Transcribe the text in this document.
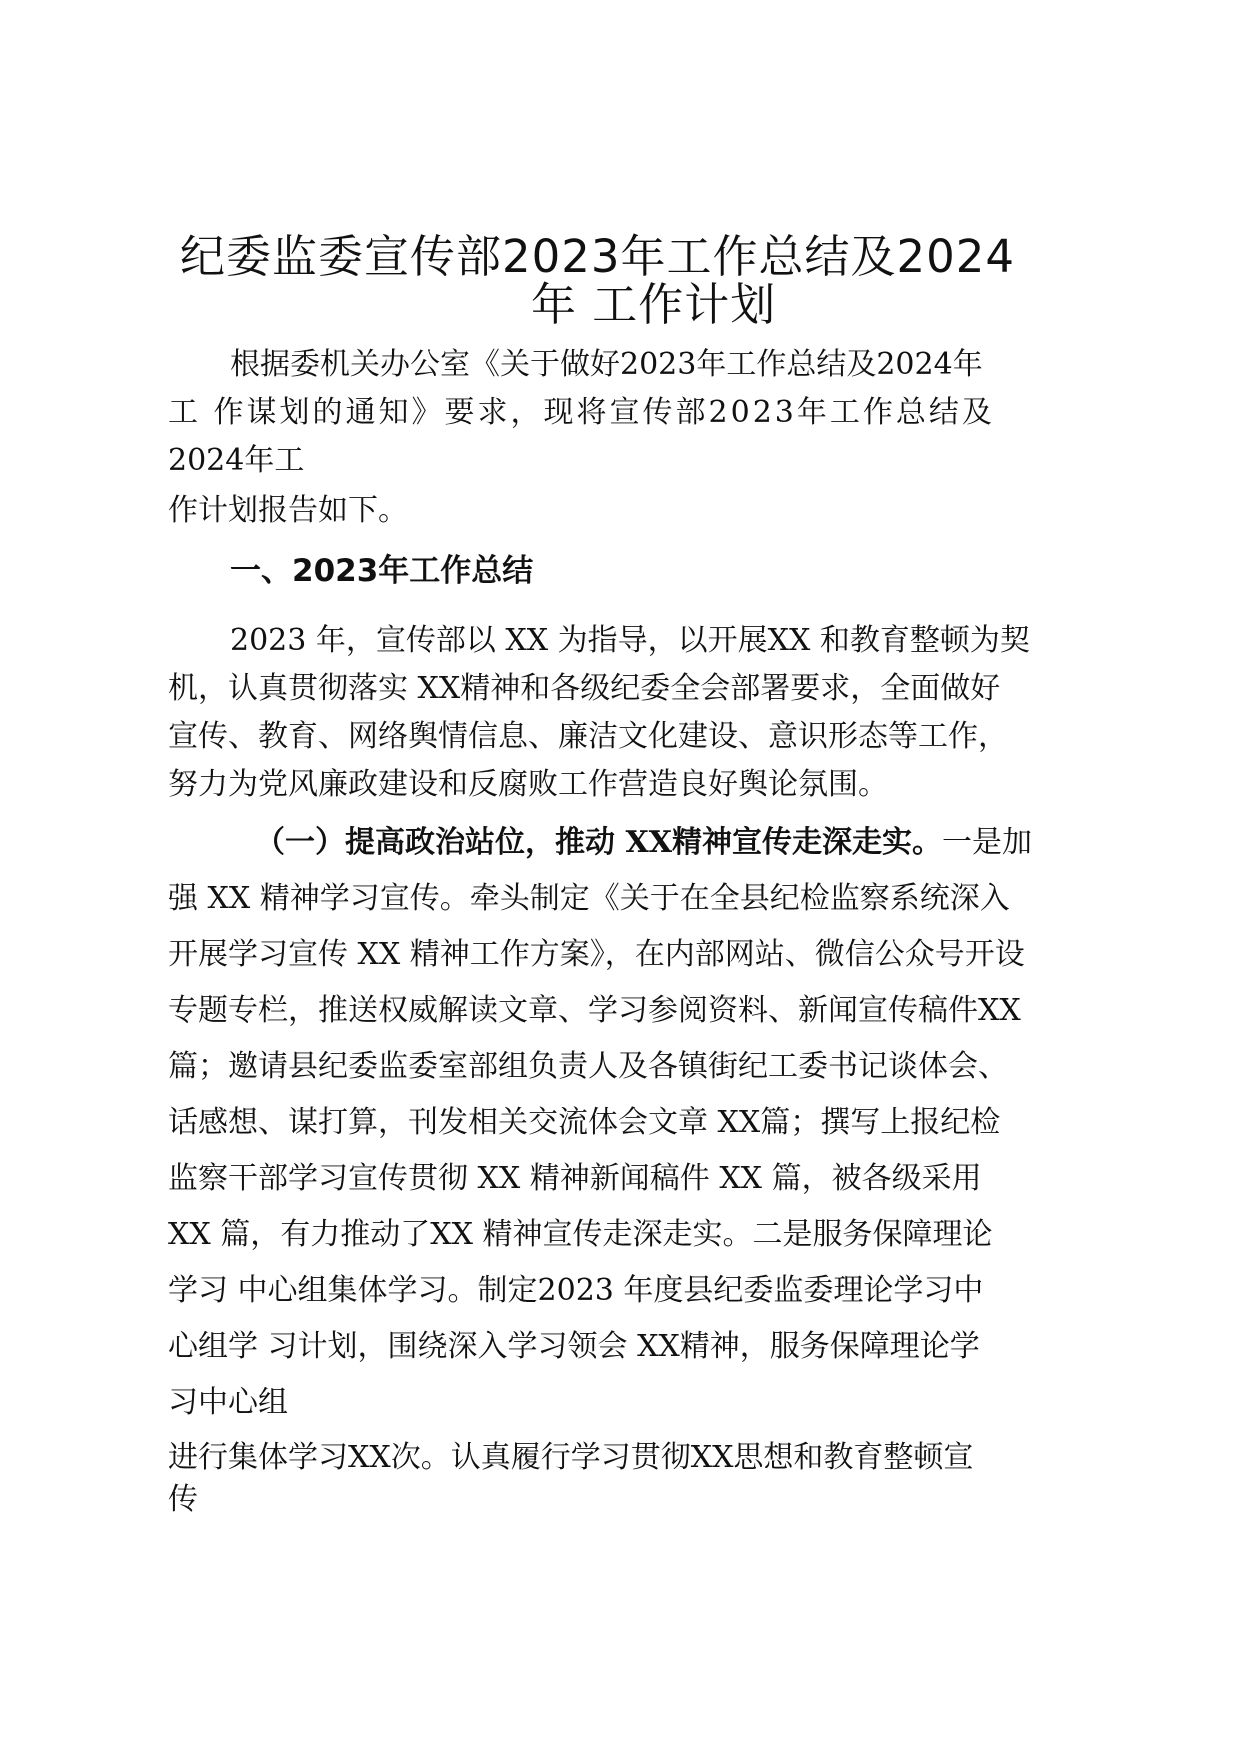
纪委监委宣传部2023年工作总结及2024
年 工作计划
根据委机关办公室《关于做好2023年工作总结及2024年
工 作谋划的通知》要求，现将宣传部2023年工作总结及
2024年工
作计划报告如下。
一、2023年工作总结
2023 年，宣传部以 XX 为指导，以开展XX 和教育整顿为契
机，认真贯彻落实 XX精神和各级纪委全会部署要求，全面做好
宣传、教育、网络舆情信息、廉洁文化建设、意识形态等工作，
努力为党风廉政建设和反腐败工作营造良好舆论氛围。
（一）提高政治站位，推动 XX精神宣传走深走实。一是加
强 XX 精神学习宣传。牵头制定《关于在全县纪检监察系统深入
开展学习宣传 XX 精神工作方案》，在内部网站、微信公众号开设
专题专栏，推送权威解读文章、学习参阅资料、新闻宣传稿件XX
篇；邀请县纪委监委室部组负责人及各镇街纪工委书记谈体会、
话感想、谋打算，刊发相关交流体会文章 XX篇；撰写上报纪检
监察干部学习宣传贯彻 XX 精神新闻稿件 XX 篇，被各级采用
XX 篇，有力推动了XX 精神宣传走深走实。二是服务保障理论
学习 中心组集体学习。制定2023 年度县纪委监委理论学习中
心组学 习计划，围绕深入学习领会 XX精神，服务保障理论学
习中心组
进行集体学习XX次。认真履行学习贯彻XX思想和教育整顿宣
传
